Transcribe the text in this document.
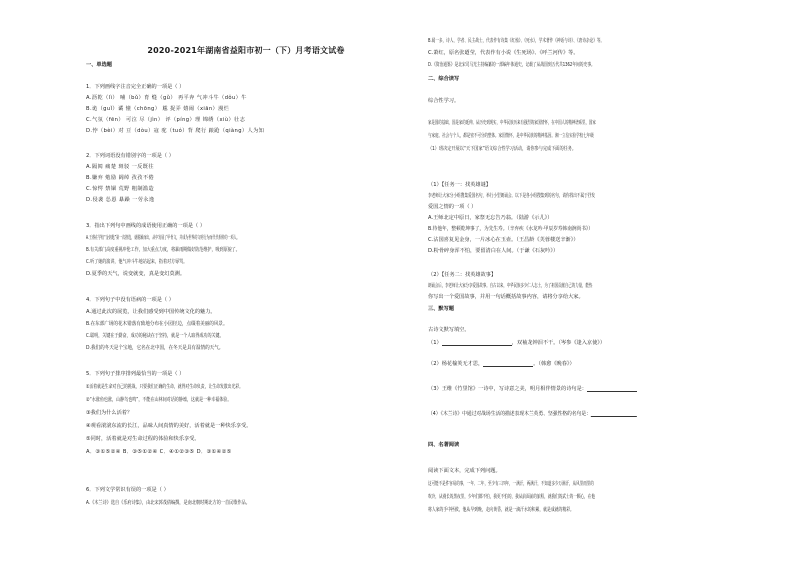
2020-2021年湖南省益阳市初一（下）月考语文试卷
一、单选题
1．下列画线字注音完全正确的一项是（ ）
A.沥乾（lì） 哺（bǔ）育 缝（gǔ） 再平奔 气冲斗牛（dǒu）牛
B.诡（guǐ）谲 憧（chōng） 尴 捉弄 嬉闹（xiān）漫烂
C.气氛（fēn） 可泣 尽（jìn） 评（píng）理 锦绣（xiù）壮志
D.悖（bèi）对 豆（dòu）寇 驼（tuó）背 爬行 踉跄（qiàng）人为知
2．下列词语没有错别字的一项是（ ）
A.隔阂 痛楚 斑驳 一反既往
B.嫌弃 勉励 阔绰 孜孜不倦
C.惊愕 禁锢 荒野 粗制滥造
D.侵袭 怂恿 暴躁 一劳永逸
3．指出下列句中画线的成语使用正确的一项是（ ）
A.王睿在学校“金钥匙”第一次推选，就脱颖而出，从中发展了甲骨文，并成为世界的文明行为而代代相传的一项人。
B.有关部门高度重视冲伦工作，加大重点力度，将暴雨期做好防范维护，吸到原貌了。
C.听了她的演讲，他气冲斗牛地站起来，指着对方辱骂。
D.夏季的天气，说变就变，真是变幻莫测。
4．下列句子中没有语病的一项是（ ）
A.通过此次的展览，让我们感受到中国传统文化的魅力。
B.在东部广场的花木错落有致地分布在小园径边，点缀着美丽的风景。
C.聪明，关键在于勤奋，成功的秘诀在于坚持，就是一个人取得成功的关键。
D.我们的冬天是个宝地，它名在北中国，在冬天是具有温情的天气。
5．下列句子排序排列最恰当的一项是（ ）
①活着就是生命对自己的挑战，只要我们正确的生命，就得对生命负责，让生命发散出光彩。
②“水涨鱼也涨，山静鸟也鸣”，不能在山林间对话的静谧，这就是一种幸福体验。
③我们为什么活着？
④观看滚滚东流的长江，品味人间真情的美好，活着就是一种快乐享受。
⑤同时，活着就是对生命过程的体验和快乐享受。
A．③①⑤②④ B．③⑤①②④ C．④①②③⑤ D．③①④②⑤
6．下列文学常识有误的一项是（ ）
A.《木兰诗》选自《乐府诗集》，由北宋郭茂倩编撰，是南北朝时期北方的一首民歌作品。
B.闻一多，诗人、学者、民主战士，代表作有诗集《红烛》、《死水》，学术著作《神话与诗》、《唐诗杂论》等。
C.萧红，原名张廼莹，代表作有小说《生死场》、《呼兰河传》等。
D.《资治通鉴》是北宋司马光主持编纂的一部编年体通史，记载了从战国到五代共1362年间的史事。
二、综合读写
综合性学习。
家是国的基础，国是家的延伸。从历史到现实，中华民族历来有强烈的家国情怀，在中国人的精神谱系里，国家
与家庭、社会与个人，都是密不可分的整体。家国情怀，是中华民族的精神基因。湘一立信实验学校七年级
（1）班决定开展以“天下国家”语文综合性学习活动，请你参与完成下面的任务。
（1）【任务一：找英雄谜】
李老师让大家分小组搜集爱国名句，举行小型朗诵会。以下是各小组搜集到的名句，请你找出不属于抒发
爱国之情的一项（ ）
A.王师北定中原日，家祭无忘告乃翁。（陆游《示儿》）
B.待他年，整顿乾坤事了，为先生寿。（辛弃疾《水龙吟·甲辰岁寿韩南涧尚书》）
C.沾国喜复见金身，一片冰心在玉壶。（王昌龄《芙蓉楼送辛渐》）
D.粉骨碎身浑不怕，要留清白在人间。（于谦《石灰吟》）
（2）【任务二：找英雄故事】
朗诵会后，李老师让大家分享爱国故事。自古以来，中华民族多少仁人志士，为了祖国贡献自己的力量，能热
你写出一个爱国故事，并用一句话概括故事内容，请将分享给大家。
三、默写题
古诗文默写填空。
（1）	，双袖龙钟泪不干。（岑参《逢入京使》）
（2）杨花榆荚无才思，	。（韩愈《晚春》）
（3）王维《竹里馆》一诗中，写诗意之美，明月相伴情景的诗句是：
（4）《木兰诗》中通过对战场生活的描述表现木兰英勇、坚强性格的名句是：
四、名著阅读
阅读下面文本，完成下列问题。
这可能不是件容易的事，一年、二年，至少有三四年，一满汗，两满汗，不知道多少万满汗，从风里雨里的
吹冷，从漫长的黑夜里，少年们都不怕，我更不怕的，我从前面前的旅程，就我们的武士的一颗心，在他
将人家的手中拯救，他从早到晚，走向黄昏，就是一滴汗水的积累，就是成就的精彩。
